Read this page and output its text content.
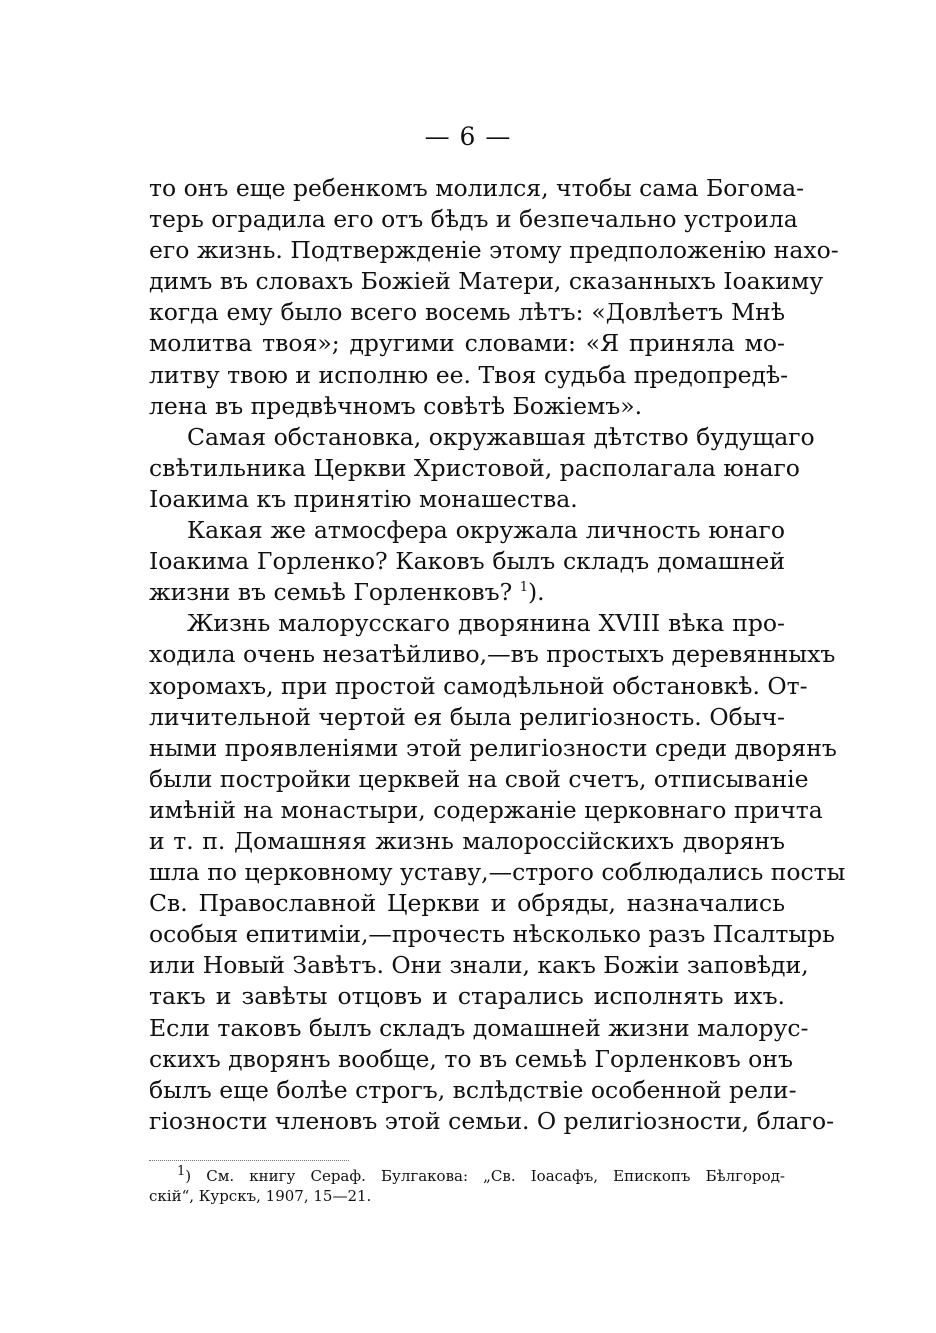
— 6 —
то онъ еще ребенкомъ молился, чтобы сама Богома-
терь оградила его отъ бѣдъ и безпечально устроила
его жизнь. Подтвержденіе этому предположенію нахо-
димъ въ словахъ Божіей Матери, сказанныхъ Іоакиму
когда ему было всего восемь лѣтъ: «Довлѣетъ Мнѣ
молитва твоя»; другими словами: «Я приняла мо-
литву твою и исполню ее. Твоя судьба предопредѣ-
лена въ предвѣчномъ совѣтѣ Божіемъ».
Самая обстановка, окружавшая дѣтство будущаго
свѣтильника Церкви Христовой, располагала юнаго
Іоакима къ принятію монашества.
Какая же атмосфера окружала личность юнаго
Іоакима Горленко? Каковъ былъ складъ домашней
жизни въ семьѣ Горленковъ? $^1$).
Жизнь малорусскаго дворянина XVIII вѣка про-
ходила очень незатѣйливо,—въ простыхъ деревянныхъ
хоромахъ, при простой самодѣльной обстановкѣ. От-
личительной чертой ея была религіозность. Обыч-
ными проявленіями этой религіозности среди дворянъ
были постройки церквей на свой счетъ, отписываніе
имѣній на монастыри, содержаніе церковнаго причта
и т. п. Домашняя жизнь малороссійскихъ дворянъ
шла по церковному уставу,—строго соблюдались посты
Св. Православной Церкви и обряды, назначались
особыя епитиміи,—прочесть нѣсколько разъ Псалтырь
или Новый Завѣтъ. Они знали, какъ Божіи заповѣди,
такъ и завѣты отцовъ и старались исполнять ихъ.
Если таковъ былъ складъ домашней жизни малорус-
скихъ дворянъ вообще, то въ семьѣ Горленковъ онъ
былъ еще болѣе строгъ, вслѣдствіе особенной рели-
гіозности членовъ этой семьи. О религіозности, благо-
$^1$) См. книгу Сераф. Булгакова: „Св. Іоасафъ, Епископъ Бѣлгород-
скій“, Курскъ, 1907, 15—21.
